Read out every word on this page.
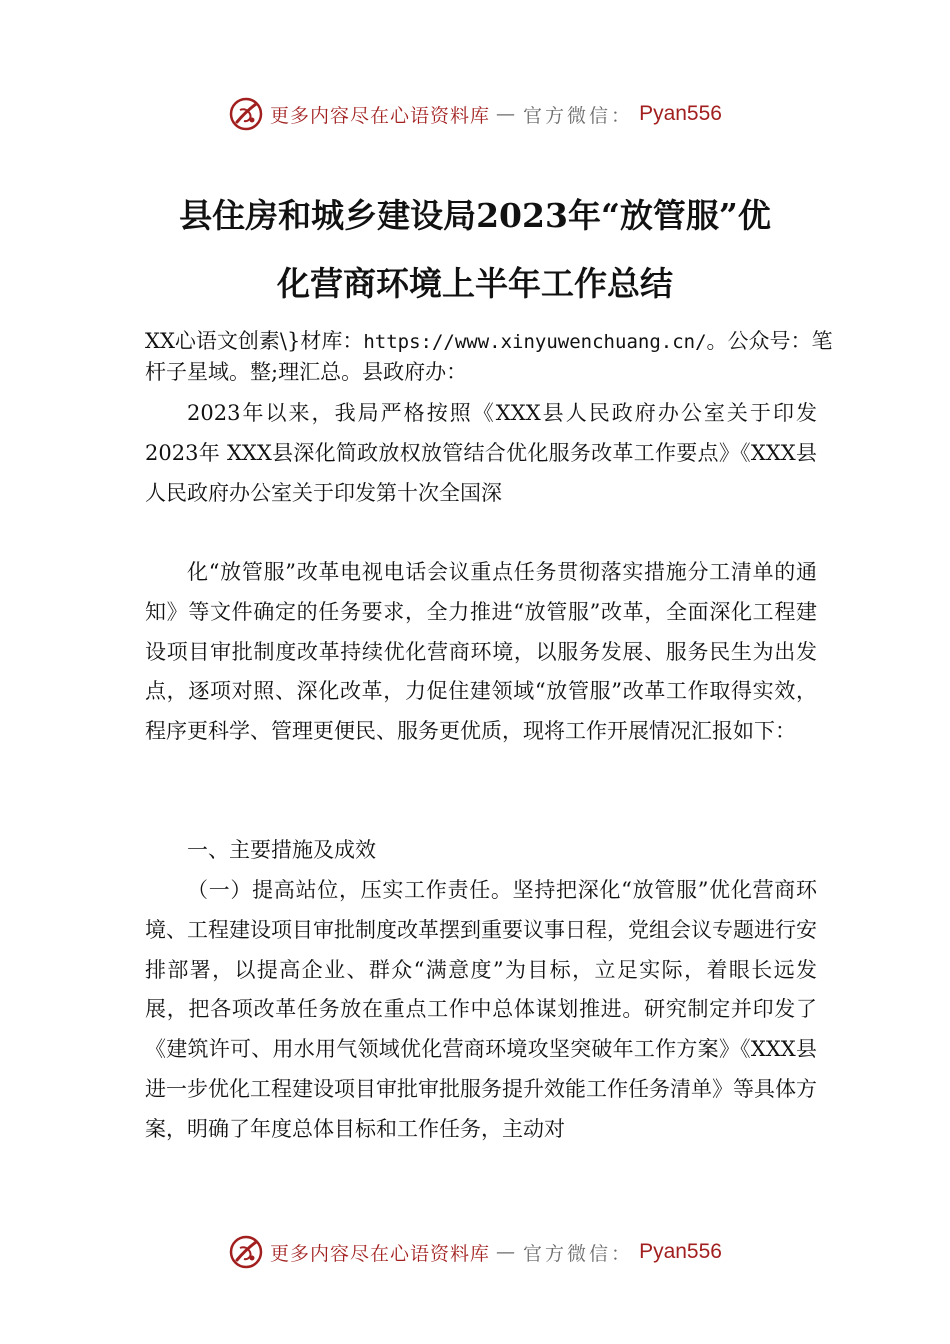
更多内容尽在心语资料库 — 官方微信： Pyan556
县住房和城乡建设局2023年“放管服”优
化营商环境上半年工作总结
XX心语文创素\}材库：https://www.xinyuwenchuang.cn/。公众号：笔杆子星域。整;理汇总。县政府办：
2023年以来，我局严格按照《XXX县人民政府办公室关于印发 2023年 XXX县深化简政放权放管结合优化服务改革工作要点》《XXX县人民政府办公室关于印发第十次全国深
化“放管服”改革电视电话会议重点任务贯彻落实措施分工清单的通知》等文件确定的任务要求，全力推进“放管服”改革，全面深化工程建设项目审批制度改革持续优化营商环境，以服务发展、服务民生为出发点，逐项对照、深化改革，力促住建领域“放管服”改革工作取得实效，程序更科学、管理更便民、服务更优质，现将工作开展情况汇报如下：
一、主要措施及成效
（一）提高站位，压实工作责任。坚持把深化“放管服”优化营商环境、工程建设项目审批制度改革摆到重要议事日程，党组会议专题进行安排部署，以提高企业、群众“满意度”为目标，立足实际，着眼长远发展，把各项改革任务放在重点工作中总体谋划推进。研究制定并印发了《建筑许可、用水用气领域优化营商环境攻坚突破年工作方案》《XXX县进一步优化工程建设项目审批审批服务提升效能工作任务清单》等具体方案，明确了年度总体目标和工作任务，主动对
更多内容尽在心语资料库 — 官方微信： Pyan556
